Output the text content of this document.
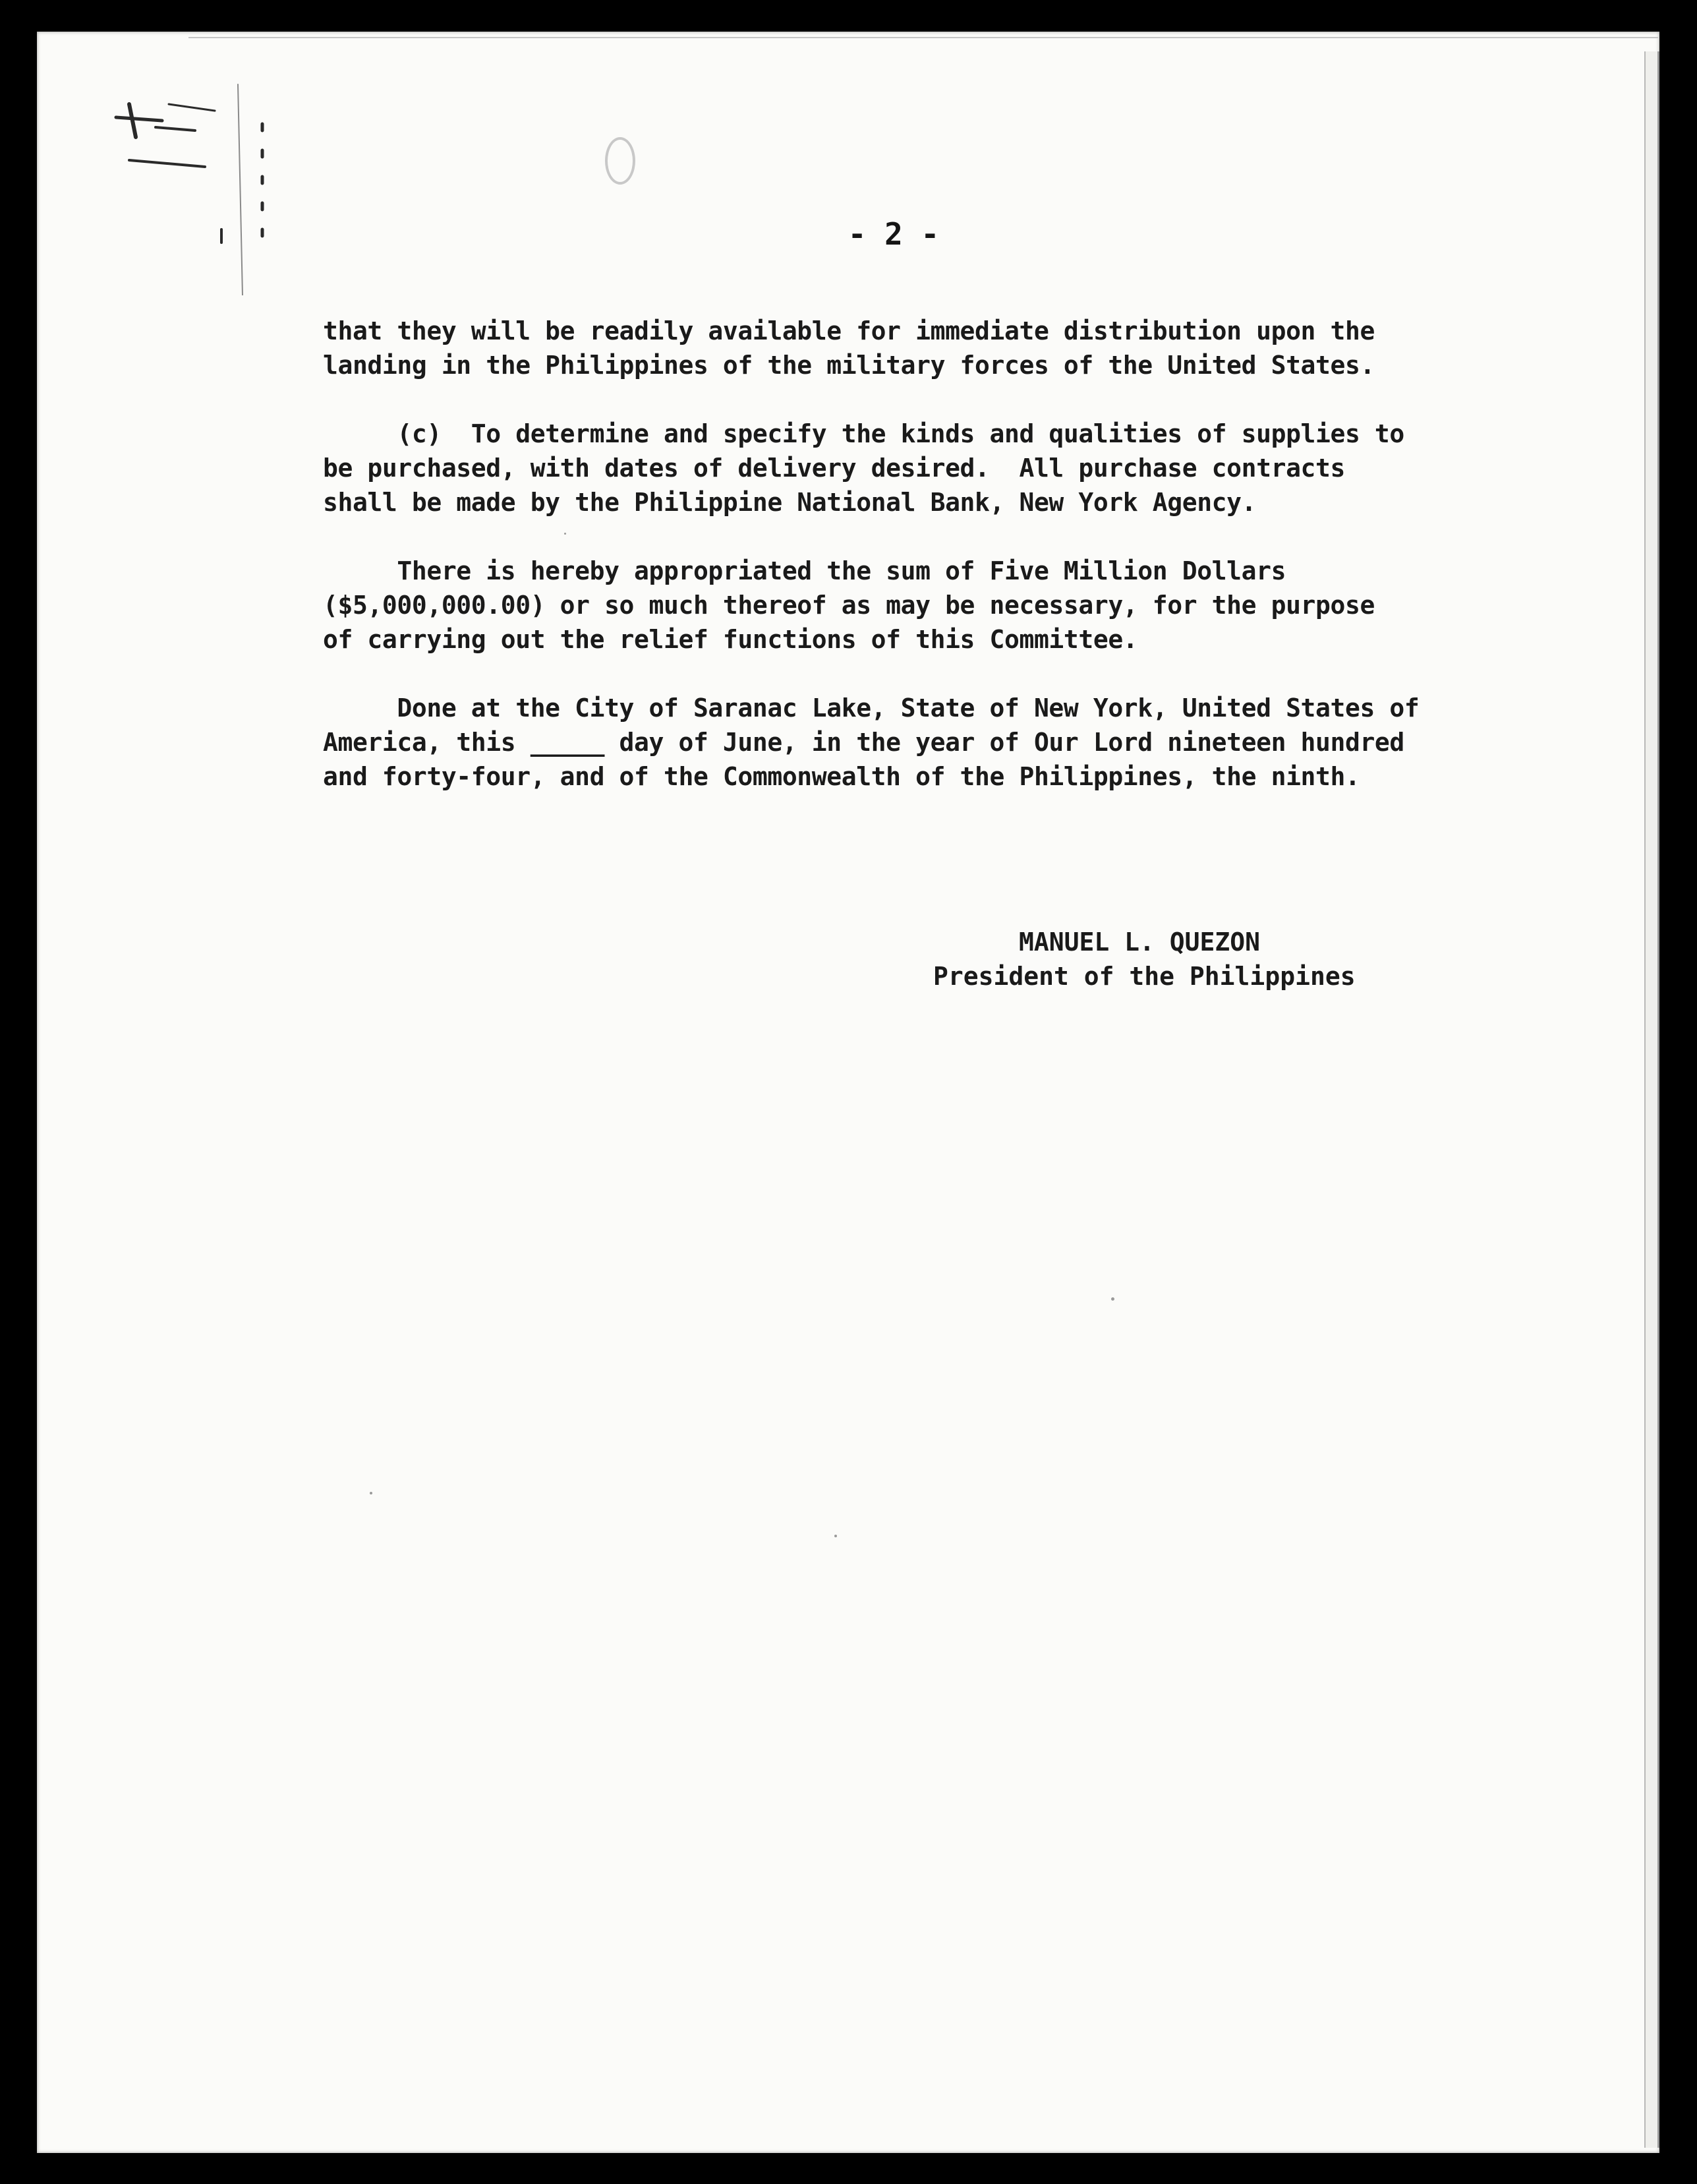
- 2 -

that they will be readily available for immediate distribution upon the
landing in the Philippines of the military forces of the United States.

(c)  To determine and specify the kinds and qualities of supplies to
be purchased, with dates of delivery desired.  All purchase contracts
shall be made by the Philippine National Bank, New York Agency.

There is hereby appropriated the sum of Five Million Dollars
($5,000,000.00) or so much thereof as may be necessary, for the purpose
of carrying out the relief functions of this Committee.

Done at the City of Saranac Lake, State of New York, United States of
America, this _____ day of June, in the year of Our Lord nineteen hundred
and forty-four, and of the Commonwealth of the Philippines, the ninth.

MANUEL L. QUEZON
President of the Philippines
